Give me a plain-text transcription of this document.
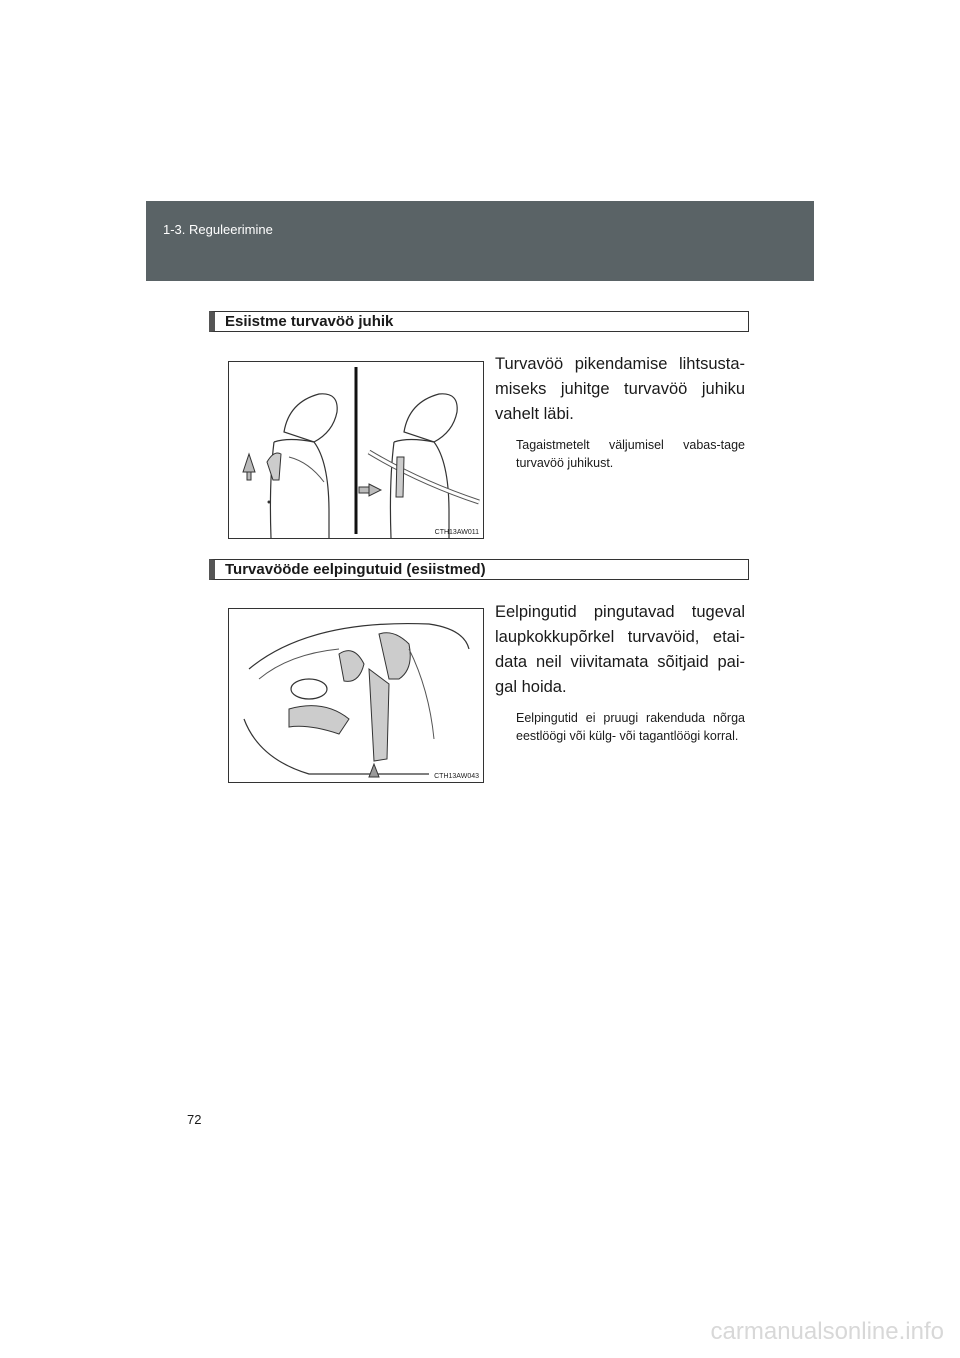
1-3. Reguleerimine
Esiistme turvavöö juhik
CTH13AW011
Turvavöö pikendamise lihtsusta-miseks juhitge turvavöö juhiku vahelt läbi.
Tagaistmetelt väljumisel vabas-tage turvavöö juhikust.
Turvavööde eelpingutuid (esiistmed)
CTH13AW043
Eelpingutid pingutavad tugeval laupkokkupõrkel turvavöid, etai-data neil viivitamata sõitjaid pai-gal hoida.
Eelpingutid ei pruugi rakenduda nõrga eestlöögi või külg- või tagantlöögi korral.
72
carmanualsonline.info
